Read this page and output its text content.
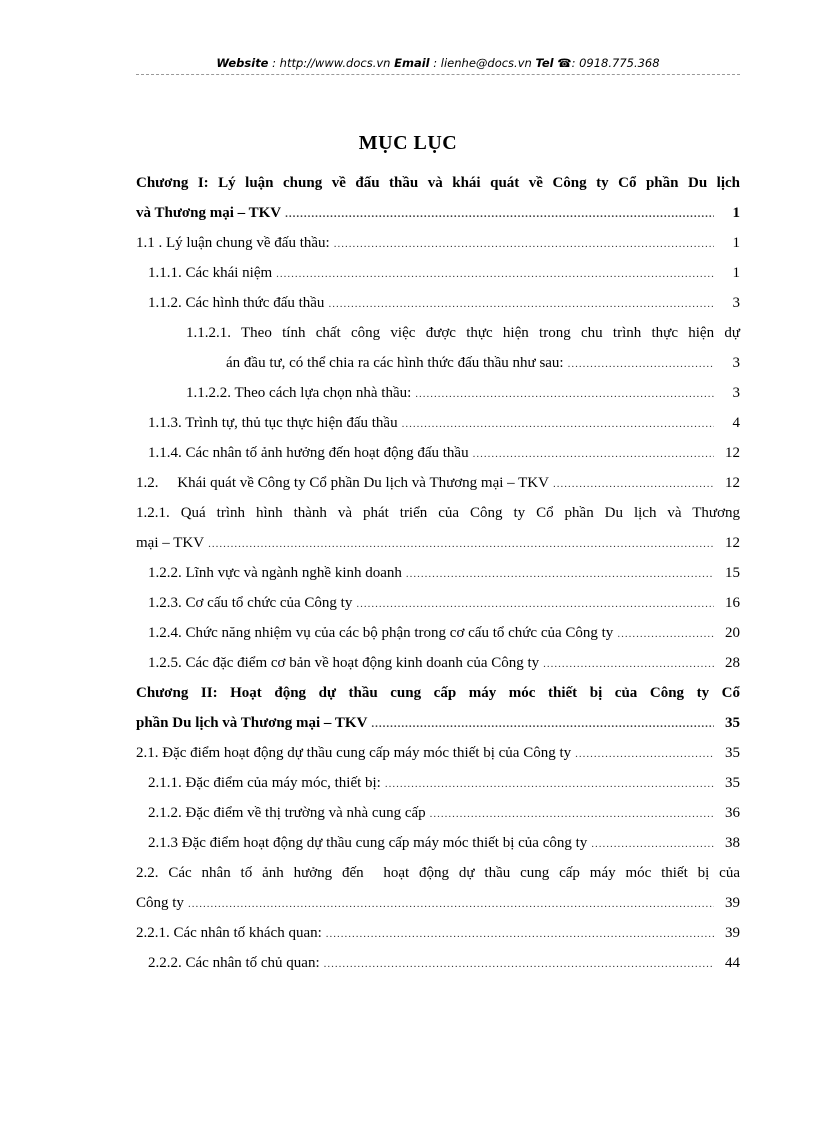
Website : http://www.docs.vn Email : lienhe@docs.vn Tel ☎: 0918.775.368
MỤC LỤC
Chương I: Lý luận chung về đấu thầu và khái quát về Công ty Cổ phần Du lịch
và Thương mại – TKV .....	1
1.1 . Lý luận chung về đấu thầu: .....	1
1.1.1. Các khái niệm .....	1
1.1.2. Các hình thức đấu thầu .....	3
1.1.2.1. Theo tính chất công việc được thực hiện trong chu trình thực hiện dự
án đầu tư, có thể chia ra các hình thức đấu thầu như sau: .....	3
1.1.2.2. Theo cách lựa chọn nhà thầu: .....	3
1.1.3. Trình tự, thủ tục thực hiện đấu thầu .....	4
1.1.4. Các nhân tố ảnh hưởng đến hoạt động đấu thầu .....	12
1.2.     Khái quát về Công ty Cổ phần Du lịch và Thương mại – TKV .....	12
1.2.1. Quá trình hình thành và phát triển của Công ty Cổ phần Du lịch và Thương
mại – TKV .....	12
1.2.2. Lĩnh vực và ngành nghề kinh doanh .....	15
1.2.3. Cơ cấu tổ chức của Công ty .....	16
1.2.4. Chức năng nhiệm vụ của các bộ phận trong cơ cấu tổ chức của Công ty .....	20
1.2.5. Các đặc điểm cơ bản về hoạt động kinh doanh của Công ty .....	28
Chương II: Hoạt động dự thầu cung cấp máy móc thiết bị của Công ty Cổ
phần Du lịch và Thương mại – TKV .....	35
2.1. Đặc điểm hoạt động dự thầu cung cấp máy móc thiết bị của Công ty .....	35
2.1.1. Đặc điểm của máy móc, thiết bị: .....	35
2.1.2. Đặc điểm về thị trường và nhà cung cấp .....	36
2.1.3 Đặc điểm hoạt động dự thầu cung cấp máy móc thiết bị của công ty .....	38
2.2. Các nhân tố ảnh hưởng đến  hoạt động dự thầu cung cấp máy móc thiết bị của
Công ty .....	39
2.2.1. Các nhân tố khách quan: .....	39
2.2.2. Các nhân tố chủ quan: .....	44
